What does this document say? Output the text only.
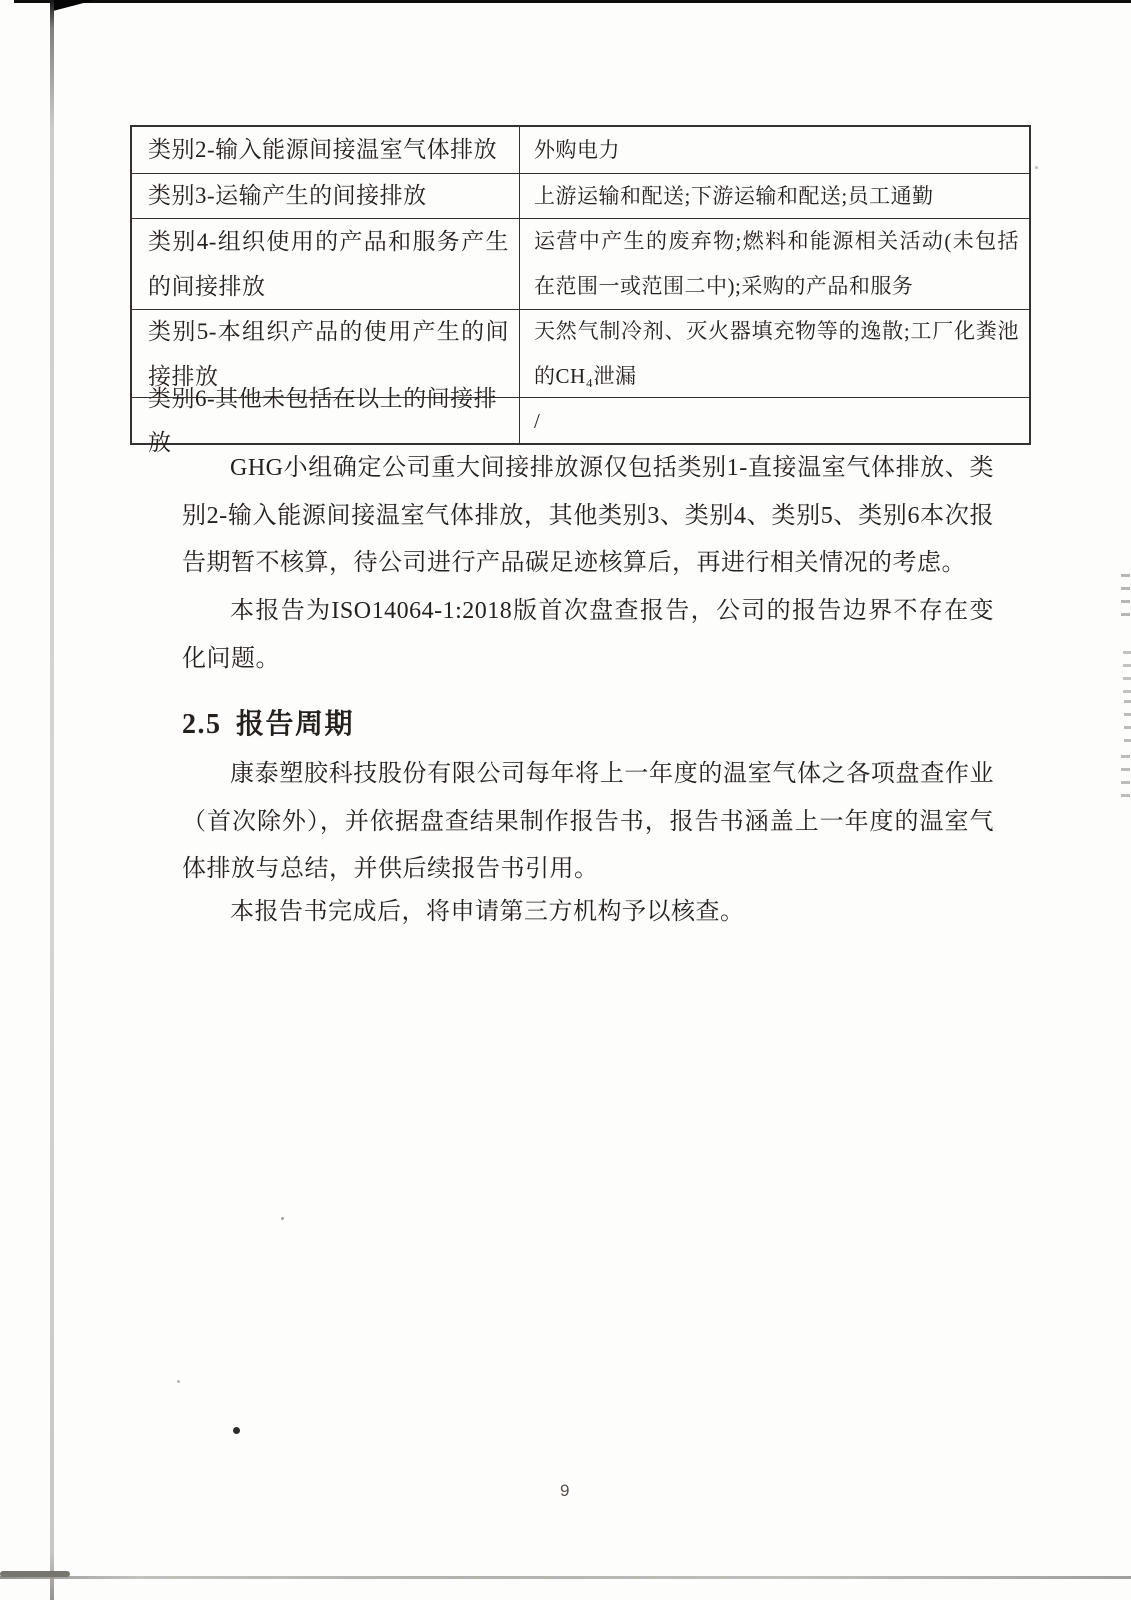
类别2-输入能源间接温室气体排放	外购电力
类别3-运输产生的间接排放	上游运输和配送;下游运输和配送;员工通勤
类别4-组织使用的产品和服务产生的间接排放
运营中产生的废弃物;燃料和能源相关活动(未包括在范围一或范围二中);采购的产品和服务
类别5-本组织产品的使用产生的间接排放
天然气制冷剂、灭火器填充物等的逸散;工厂化粪池的CH₄泄漏
类别6-其他未包括在以上的间接排放
/
GHG小组确定公司重大间接排放源仅包括类别1-直接温室气体排放、类别2-输入能源间接温室气体排放，其他类别3、类别4、类别5、类别6本次报告期暂不核算，待公司进行产品碳足迹核算后，再进行相关情况的考虑。
本报告为ISO14064-1:2018版首次盘查报告，公司的报告边界不存在变化问题。
2.5 报告周期
康泰塑胶科技股份有限公司每年将上一年度的温室气体之各项盘查作业（首次除外），并依据盘查结果制作报告书，报告书涵盖上一年度的温室气体排放与总结，并供后续报告书引用。
本报告书完成后，将申请第三方机构予以核查。
9
